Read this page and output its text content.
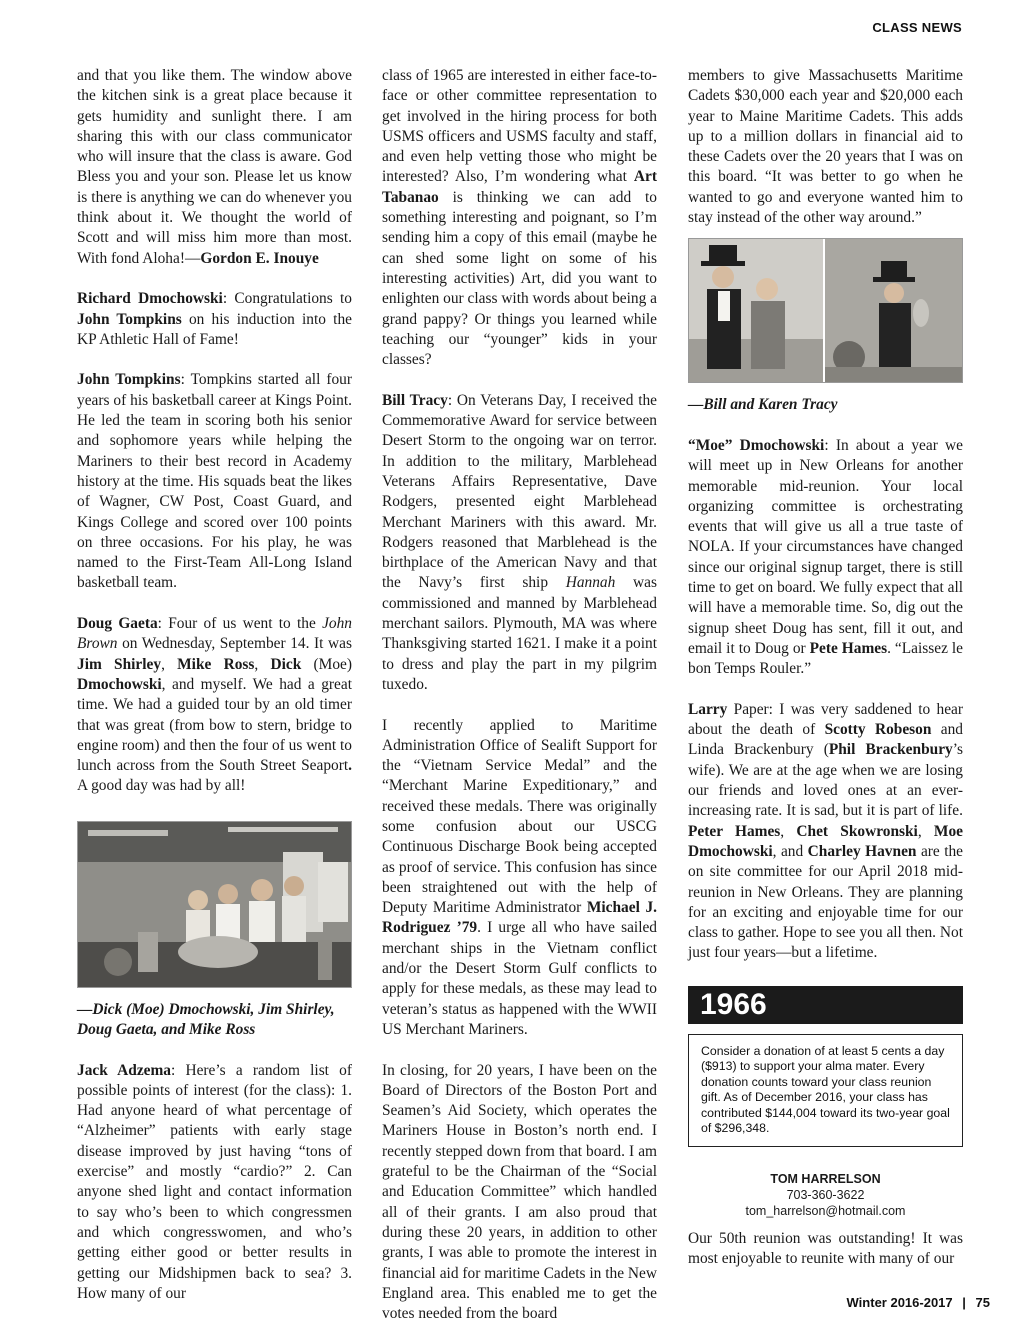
CLASS NEWS

and that you like them. The window above the kitchen sink is a great place because it gets humidity and sunlight there. I am sharing this with our class communicator who will insure that the class is aware. God Bless you and your son. Please let us know is there is anything we can do whenever you think about it. We thought the world of Scott and will miss him more than most. With fond Aloha!—Gordon E. Inouye

Richard Dmochowski: Congratulations to John Tompkins on his induction into the KP Athletic Hall of Fame!

John Tompkins: Tompkins started all four years of his basketball career at Kings Point. He led the team in scoring both his senior and sophomore years while helping the Mariners to their best record in Academy history at the time. His squads beat the likes of Wagner, CW Post, Coast Guard, and Kings College and scored over 100 points on three occasions. For his play, he was named to the First-Team All-Long Island basketball team.

Doug Gaeta: Four of us went to the John Brown on Wednesday, September 14. It was Jim Shirley, Mike Ross, Dick (Moe) Dmochowski, and myself. We had a great time. We had a guided tour by an old timer that was great (from bow to stern, bridge to engine room) and then the four of us went to lunch across from the South Street Seaport. A good day was had by all!

—Dick (Moe) Dmochowski, Jim Shirley, Doug Gaeta, and Mike Ross

Jack Adzema: Here’s a random list of possible points of interest (for the class): 1. Had anyone heard of what percentage of “Alzheimer” patients with early stage disease improved by just having “tons of exercise” and mostly “cardio?” 2. Can anyone shed light and contact information to say who’s been to which congressmen and which congresswomen, and who’s getting either good or better results in getting our Midshipmen back to sea? 3. How many of our

class of 1965 are interested in either face-to-face or other committee representation to get involved in the hiring process for both USMS officers and USMS faculty and staff, and even help vetting those who might be interested? Also, I’m wondering what Art Tabanao is thinking we can add to something interesting and poignant, so I’m sending him a copy of this email (maybe he can shed some light on some of his interesting activities) Art, did you want to enlighten our class with words about being a grand pappy? Or things you learned while teaching our “younger” kids in your classes?

Bill Tracy: On Veterans Day, I received the Commemorative Award for service between Desert Storm to the ongoing war on terror. In addition to the military, Marblehead Veterans Affairs Representative, Dave Rodgers, presented eight Marblehead Merchant Mariners with this award. Mr. Rodgers reasoned that Marblehead is the birthplace of the American Navy and that the Navy’s first ship Hannah was commissioned and manned by Marblehead merchant sailors. Plymouth, MA was where Thanksgiving started 1621. I make it a point to dress and play the part in my pilgrim tuxedo.

I recently applied to Maritime Administration Office of Sealift Support for the “Vietnam Service Medal” and the “Merchant Marine Expeditionary,” and received these medals. There was originally some confusion about our USCG Continuous Discharge Book being accepted as proof of service. This confusion has since been straightened out with the help of Deputy Maritime Administrator Michael J. Rodriguez ’79. I urge all who have sailed merchant ships in the Vietnam conflict and/or the Desert Storm Gulf conflicts to apply for these medals, as these may lead to veteran’s status as happened with the WWII US Merchant Mariners.

In closing, for 20 years, I have been on the Board of Directors of the Boston Port and Seamen’s Aid Society, which operates the Mariners House in Boston’s north end. I recently stepped down from that board. I am grateful to be the Chairman of the “Social and Education Committee” which handled all of their grants. I am also proud that during these 20 years, in addition to other grants, I was able to promote the interest in financial aid for maritime Cadets in the New England area. This enabled me to get the votes needed from the board

members to give Massachusetts Maritime Cadets $30,000 each year and $20,000 each year to Maine Maritime Cadets. This adds up to a million dollars in financial aid to these Cadets over the 20 years that I was on this board. “It was better to go when he wanted to go and everyone wanted him to stay instead of the other way around.”

—Bill and Karen Tracy

“Moe” Dmochowski: In about a year we will meet up in New Orleans for another memorable mid-reunion. Your local organizing committee is orchestrating events that will give us all a true taste of NOLA. If your circumstances have changed since our original signup target, there is still time to get on board. We fully expect that all will have a memorable time. So, dig out the signup sheet Doug has sent, fill it out, and email it to Doug or Pete Hames. “Laissez le bon Temps Rouler.”

Larry Paper: I was very saddened to hear about the death of Scotty Robeson and Linda Brackenbury (Phil Brackenbury’s wife). We are at the age when we are losing our friends and loved ones at an ever-increasing rate. It is sad, but it is part of life. Peter Hames, Chet Skowronski, Moe Dmochowski, and Charley Havnen are the on site committee for our April 2018 mid-reunion in New Orleans. They are planning for an exciting and enjoyable time for our class to gather. Hope to see you all then. Not just four years—but a lifetime.

1966
Consider a donation of at least 5 cents a day ($913) to support your alma mater. Every donation counts toward your class reunion gift. As of December 2016, your class has contributed $144,004 toward its two-year goal of $296,348.
TOM HARRELSON
703-360-3622
tom_harrelson@hotmail.com

Our 50th reunion was outstanding! It was most enjoyable to reunite with many of our

Winter 2016-2017 | 75
